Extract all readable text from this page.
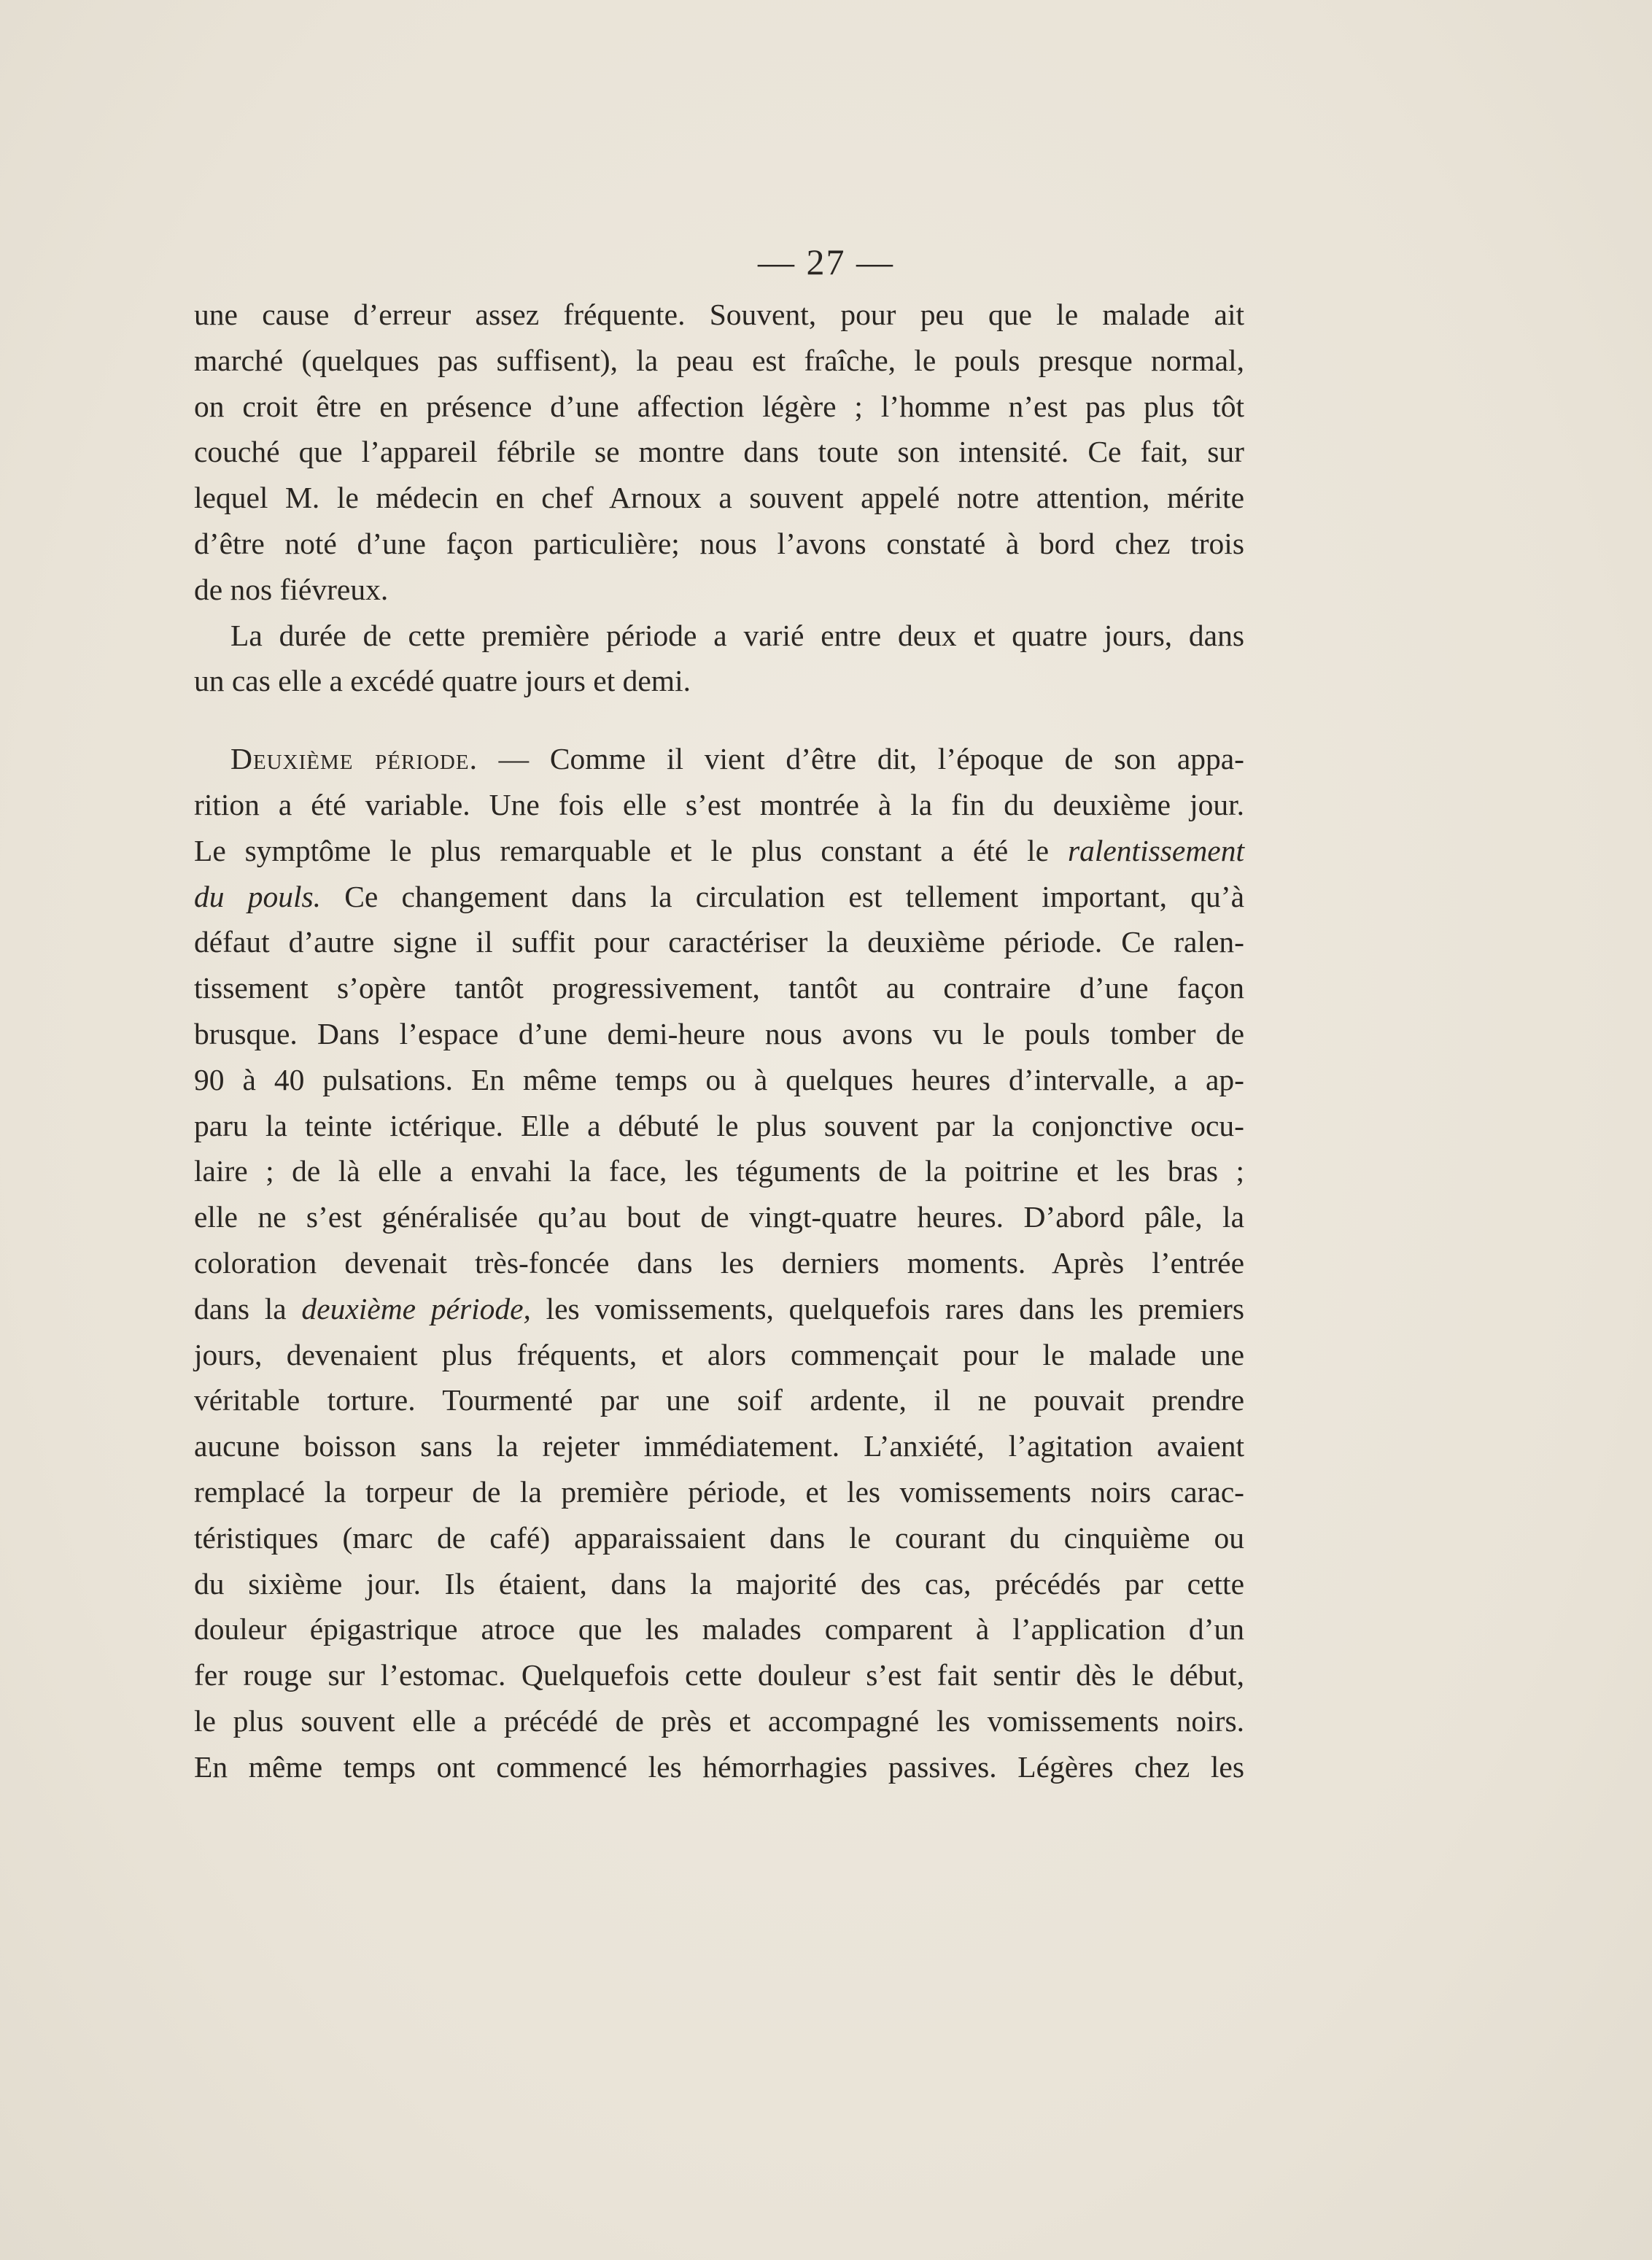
— 27 —
une cause d’erreur assez fréquente. Souvent, pour peu que le malade ait
marché (quelques pas suffisent), la peau est fraîche, le pouls presque normal,
on croit être en présence d’une affection légère ; l’homme n’est pas plus tôt
couché que l’appareil fébrile se montre dans toute son intensité. Ce fait, sur
lequel M. le médecin en chef Arnoux a souvent appelé notre attention, mérite
d’être noté d’une façon particulière; nous l’avons constaté à bord chez trois
de nos fiévreux.
La durée de cette première période a varié entre deux et quatre jours, dans
un cas elle a excédé quatre jours et demi.
Deuxième période. — Comme il vient d’être dit, l’époque de son appa-
rition a été variable. Une fois elle s’est montrée à la fin du deuxième jour.
Le symptôme le plus remarquable et le plus constant a été le ralentissement
du pouls. Ce changement dans la circulation est tellement important, qu’à
défaut d’autre signe il suffit pour caractériser la deuxième période. Ce ralen-
tissement s’opère tantôt progressivement, tantôt au contraire d’une façon
brusque. Dans l’espace d’une demi-heure nous avons vu le pouls tomber de
90 à 40 pulsations. En même temps ou à quelques heures d’intervalle, a ap-
paru la teinte ictérique. Elle a débuté le plus souvent par la conjonctive ocu-
laire ; de là elle a envahi la face, les téguments de la poitrine et les bras ;
elle ne s’est généralisée qu’au bout de vingt-quatre heures. D’abord pâle, la
coloration devenait très-foncée dans les derniers moments. Après l’entrée
dans la deuxième période, les vomissements, quelquefois rares dans les premiers
jours, devenaient plus fréquents, et alors commençait pour le malade une
véritable torture. Tourmenté par une soif ardente, il ne pouvait prendre
aucune boisson sans la rejeter immédiatement. L’anxiété, l’agitation avaient
remplacé la torpeur de la première période, et les vomissements noirs carac-
téristiques (marc de café) apparaissaient dans le courant du cinquième ou
du sixième jour. Ils étaient, dans la majorité des cas, précédés par cette
douleur épigastrique atroce que les malades comparent à l’application d’un
fer rouge sur l’estomac. Quelquefois cette douleur s’est fait sentir dès le début,
le plus souvent elle a précédé de près et accompagné les vomissements noirs.
En même temps ont commencé les hémorrhagies passives. Légères chez les
